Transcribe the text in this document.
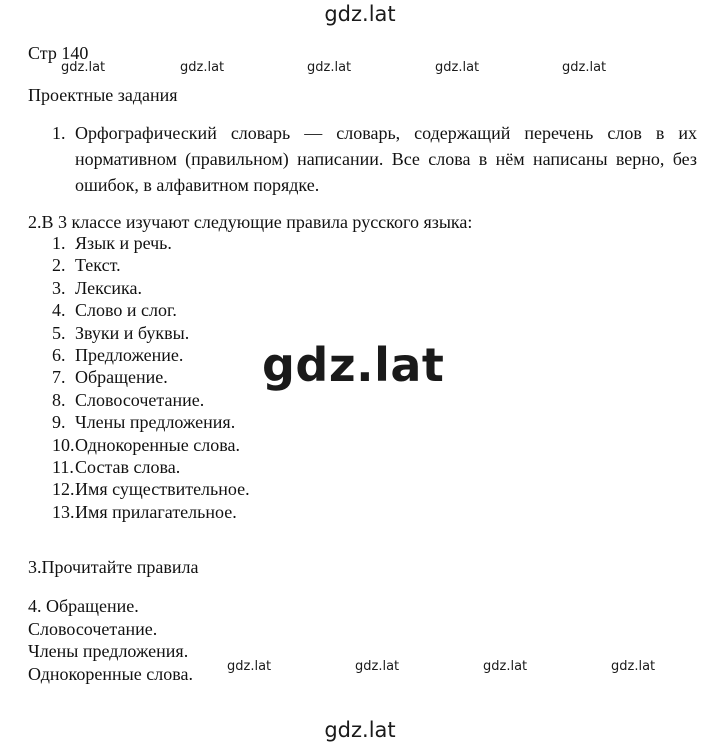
gdz.lat
Стр 140
gdz.lat	gdz.lat	gdz.lat	gdz.lat	gdz.lat
Проектные задания
1. Орфографический словарь — словарь, содержащий перечень слов в их нормативном (правильном) написании. Все слова в нём написаны верно, без ошибок, в алфавитном порядке.
2.В 3 классе изучают следующие правила русского языка:
1. Язык и речь.
2. Текст.
3. Лексика.
4. Слово и слог.
5. Звуки и буквы.
6. Предложение.
7. Обращение.
8. Словосочетание.
9. Члены предложения.
10.Однокоренные слова.
11.Состав слова.
12.Имя существительное.
13.Имя прилагательное.
gdz.lat
3.Прочитайте правила
4. Обращение.
Словосочетание.
Члены предложения.
Однокоренные слова.	gdz.lat	gdz.lat	gdz.lat	gdz.lat
gdz.lat
